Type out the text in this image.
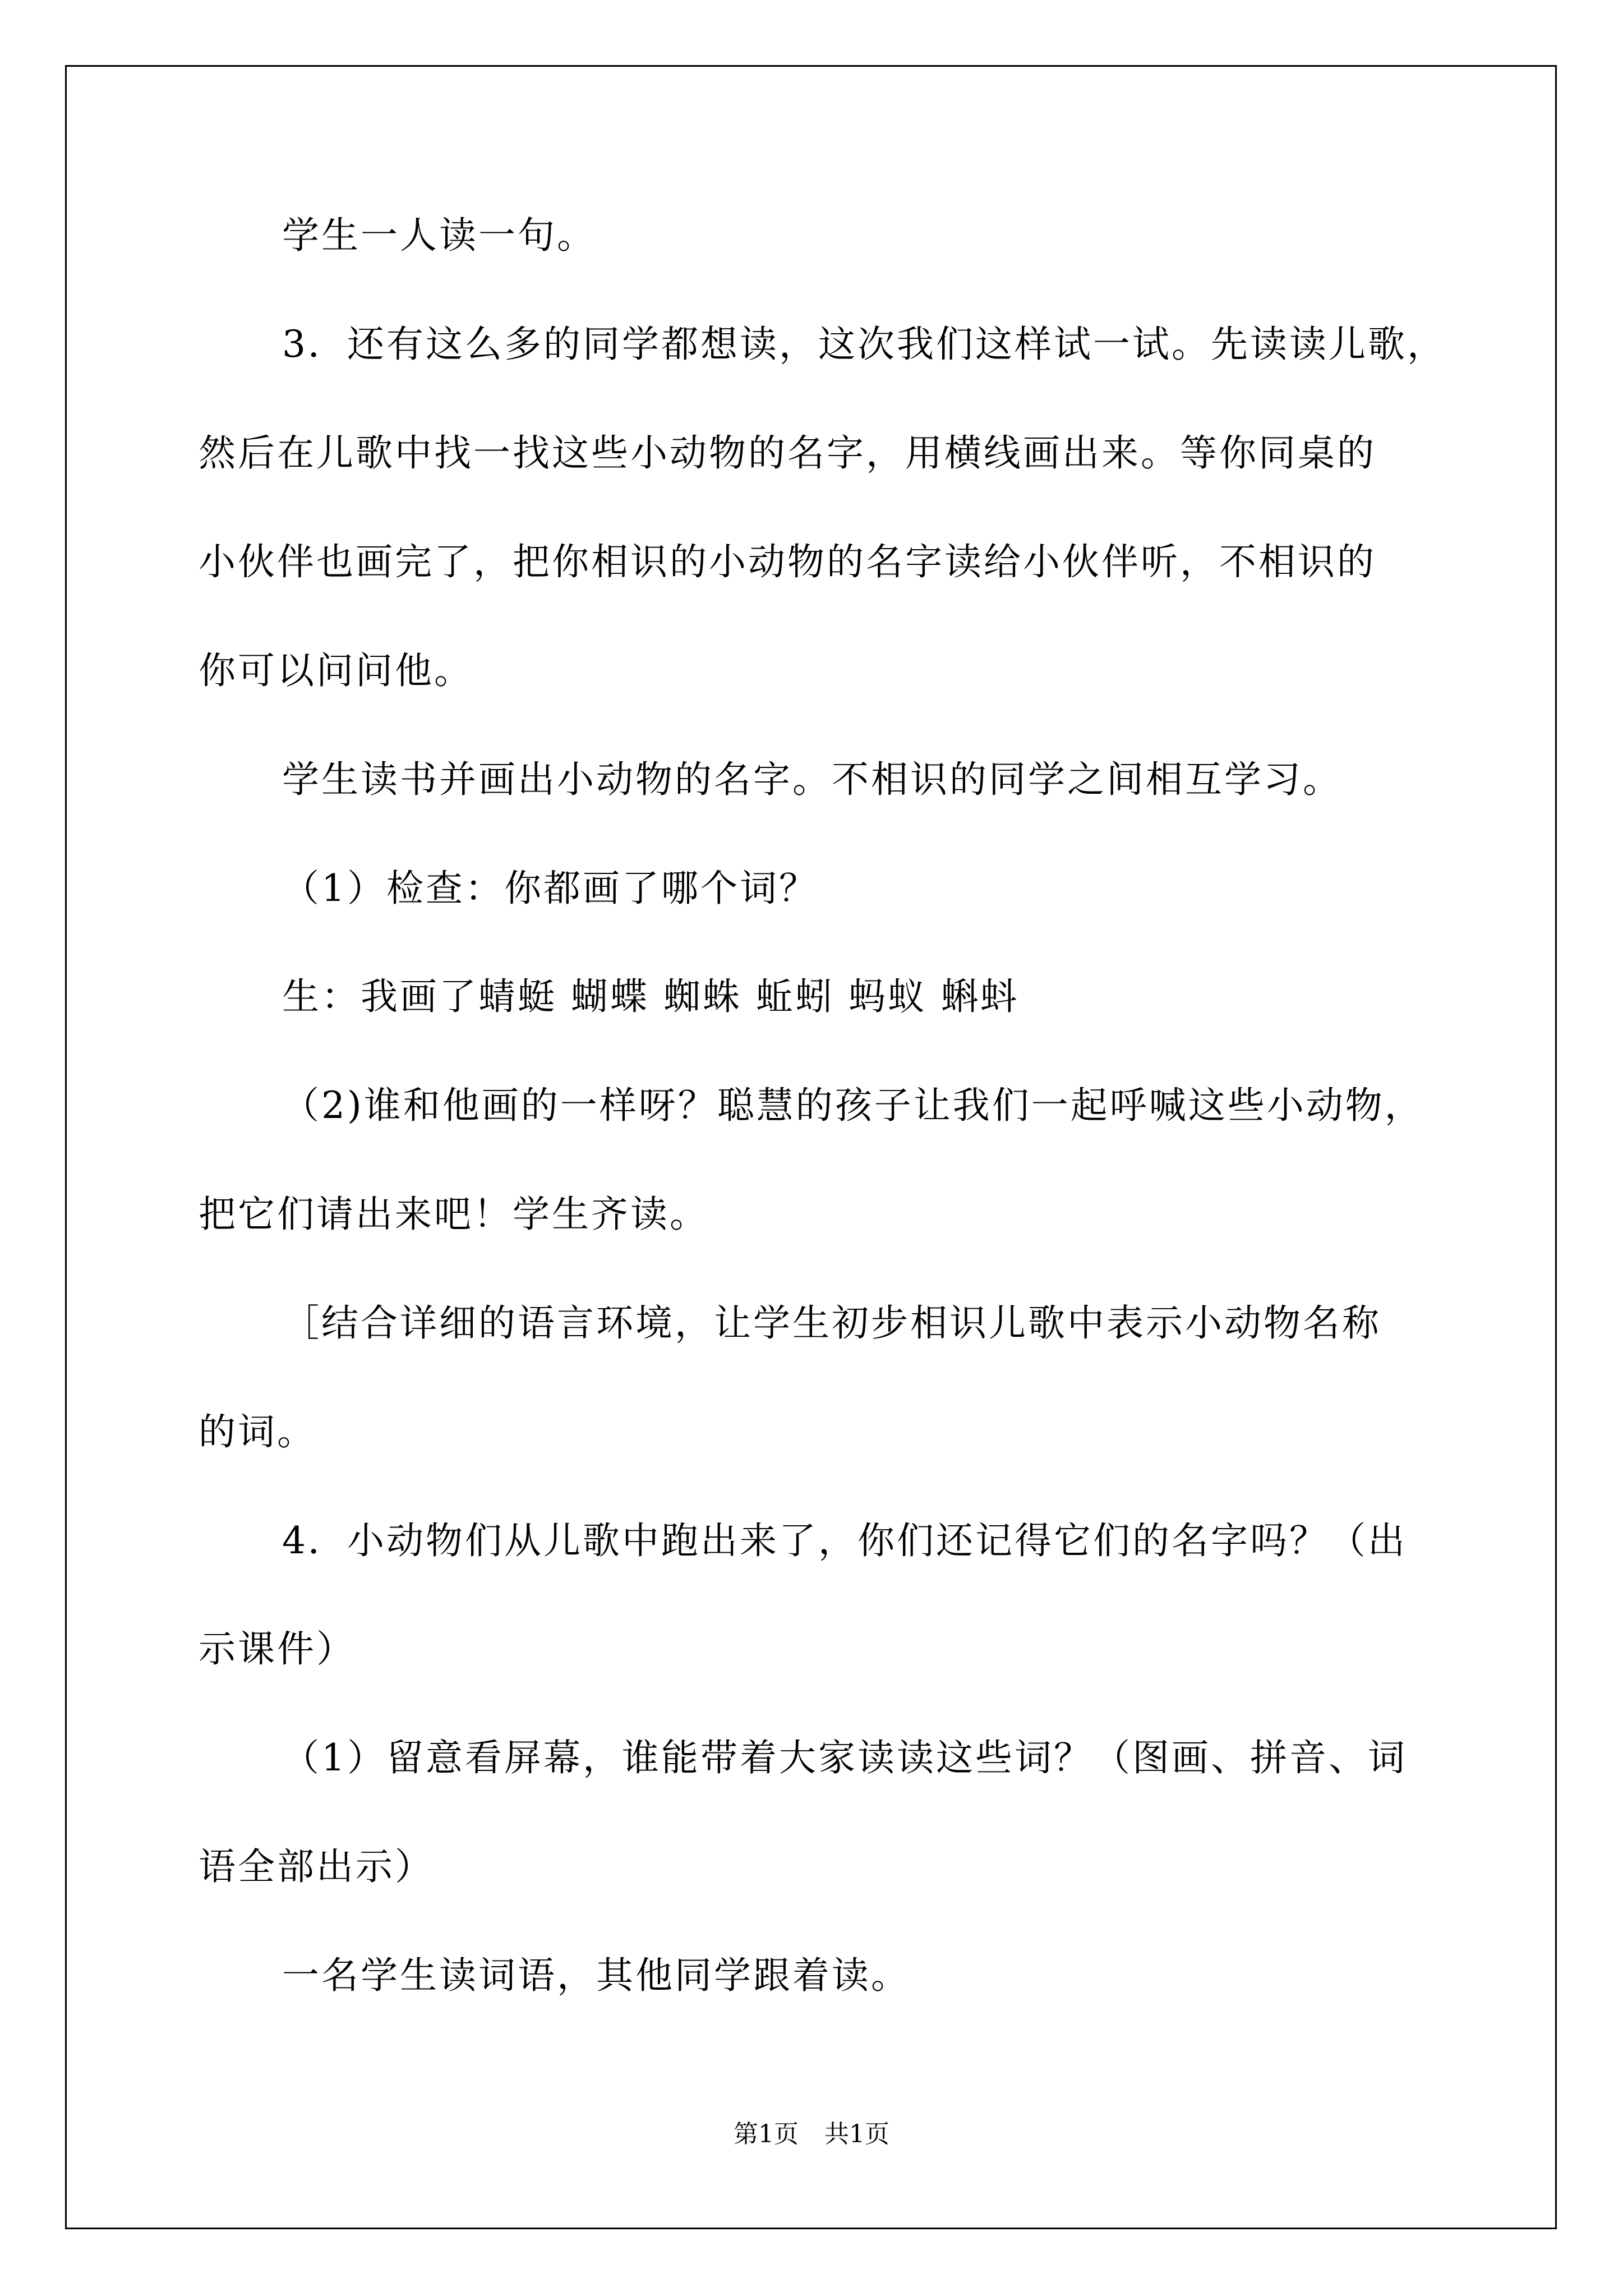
学生一人读一句。
3．还有这么多的同学都想读，这次我们这样试一试。先读读儿歌，
然后在儿歌中找一找这些小动物的名字，用横线画出来。等你同桌的
小伙伴也画完了，把你相识的小动物的名字读给小伙伴听，不相识的
你可以问问他。
学生读书并画出小动物的名字。不相识的同学之间相互学习。
（1）检查：你都画了哪个词？
生：我画了蜻蜓 蝴蝶 蜘蛛 蚯蚓 蚂蚁 蝌蚪
（2)谁和他画的一样呀？聪慧的孩子让我们一起呼喊这些小动物，
把它们请出来吧！学生齐读。
［结合详细的语言环境，让学生初步相识儿歌中表示小动物名称
的词。
4．小动物们从儿歌中跑出来了，你们还记得它们的名字吗？（出
示课件）
（1）留意看屏幕，谁能带着大家读读这些词？（图画、拼音、词
语全部出示）
一名学生读词语，其他同学跟着读。
第1页 共1页
